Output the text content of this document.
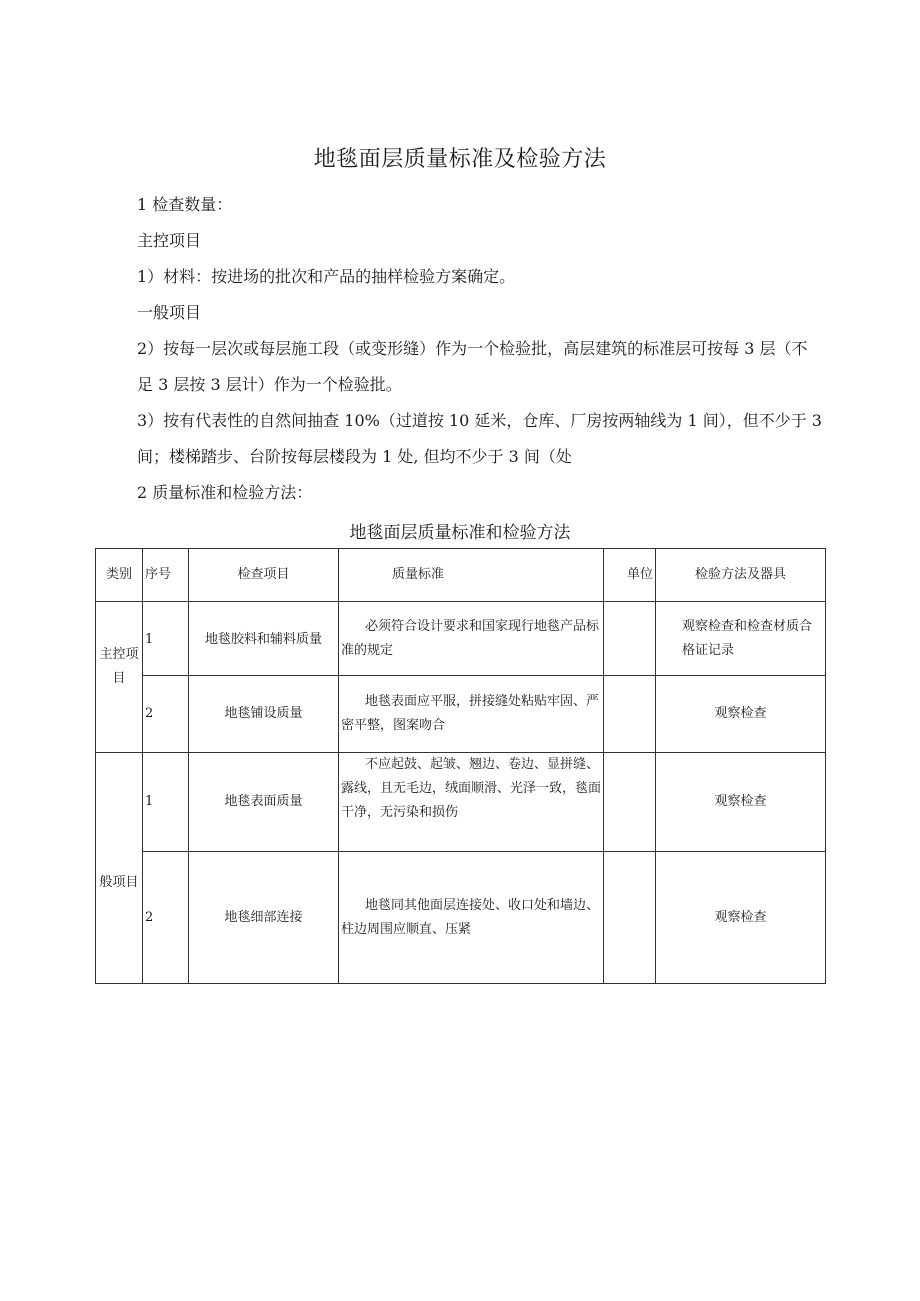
地毯面层质量标准及检验方法

1 检查数量：

主控项目

1）材料：按进场的批次和产品的抽样检验方案确定。

一般项目

2）按每一层次或每层施工段（或变形缝）作为一个检验批，高层建筑的标准层可按每 3 层（不足 3 层按 3 层计）作为一个检验批。

3）按有代表性的自然间抽查 10%（过道按 10 延米，仓库、厂房按两轴线为 1 间），但不少于 3 间；楼梯踏步、台阶按每层楼段为 1 处, 但均不少于 3 间（处

2 质量标准和检验方法：

地毯面层质量标准和检验方法
类别	序号	检查项目	质量标准	单位	检验方法及器具
主控项目	1	地毯胶料和辅料质量	必须符合设计要求和国家现行地毯产品标准的规定		观察检查和检查材质合格证记录
	2	地毯铺设质量	地毯表面应平服，拼接缝处粘贴牢固、严密平整，图案吻合		观察检查
般项目	1	地毯表面质量	不应起鼓、起皱、翘边、卷边、显拼缝、露线，且无毛边，绒面顺滑、光泽一致，毯面干净，无污染和损伤		观察检查
	2	地毯细部连接	地毯同其他面层连接处、收口处和墙边、柱边周围应顺直、压紧		观察检查
